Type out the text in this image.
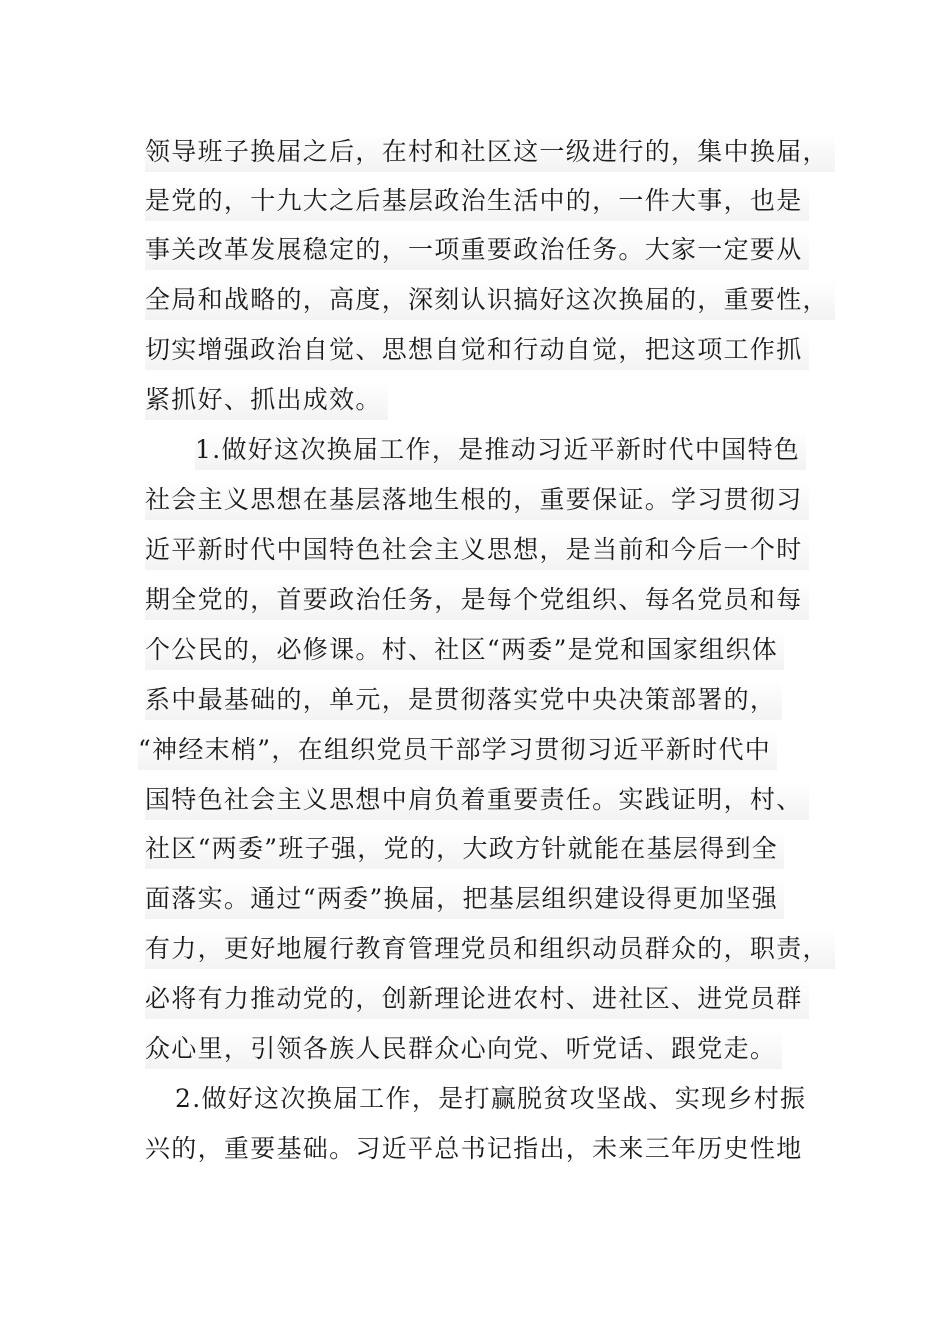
领导班子换届之后，在村和社区这一级进行的，集中换届，
是党的，十九大之后基层政治生活中的，一件大事，也是
事关改革发展稳定的，一项重要政治任务。大家一定要从
全局和战略的，高度，深刻认识搞好这次换届的，重要性，
切实增强政治自觉、思想自觉和行动自觉，把这项工作抓
紧抓好、抓出成效。
1.做好这次换届工作，是推动习近平新时代中国特色
社会主义思想在基层落地生根的，重要保证。学习贯彻习
近平新时代中国特色社会主义思想，是当前和今后一个时
期全党的，首要政治任务，是每个党组织、每名党员和每
个公民的，必修课。村、社区“两委”是党和国家组织体
系中最基础的，单元，是贯彻落实党中央决策部署的，
“神经末梢”，在组织党员干部学习贯彻习近平新时代中
国特色社会主义思想中肩负着重要责任。实践证明，村、
社区“两委”班子强，党的，大政方针就能在基层得到全
面落实。通过“两委”换届，把基层组织建设得更加坚强
有力，更好地履行教育管理党员和组织动员群众的，职责，
必将有力推动党的，创新理论进农村、进社区、进党员群
众心里，引领各族人民群众心向党、听党话、跟党走。
2.做好这次换届工作，是打赢脱贫攻坚战、实现乡村振
兴的，重要基础。习近平总书记指出，未来三年历史性地
